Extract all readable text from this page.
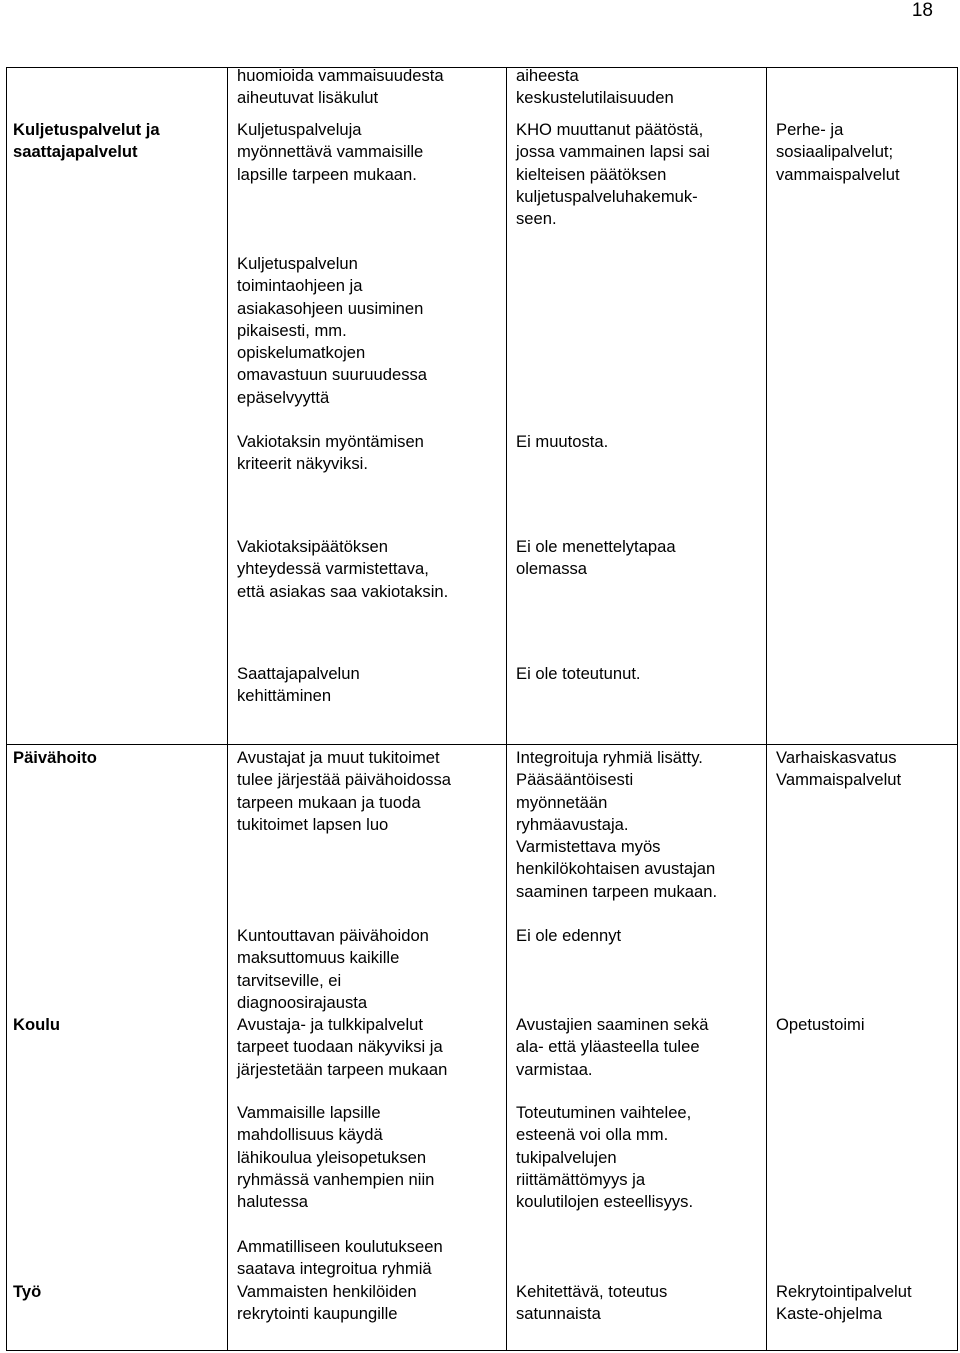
18
Kuljetuspalvelut ja
saattajapalvelut
huomioida vammaisuudesta
aiheutuvat lisäkulut
aiheesta
keskustelutilaisuuden
Kuljetuspalveluja
myönnettävä vammaisille
lapsille tarpeen mukaan.
KHO muuttanut päätöstä,
jossa vammainen lapsi sai
kielteisen päätöksen
kuljetuspalveluhakemuk-
seen.
Perhe- ja
sosiaalipalvelut;
vammaispalvelut
Kuljetuspalvelun
toimintaohjeen ja
asiakasohjeen uusiminen
pikaisesti, mm.
opiskelumatkojen
omavastuun suuruudessa
epäselvyyttä
Vakiotaksin myöntämisen
kriteerit näkyviksi.
Ei muutosta.
Vakiotaksipäätöksen
yhteydessä varmistettava,
että asiakas saa vakiotaksin.
Ei ole menettelytapaa
olemassa
Saattajapalvelun
kehittäminen
Ei ole toteutunut.
Päivähoito	Avustajat ja muut tukitoimet
tulee järjestää päivähoidossa
tarpeen mukaan ja tuoda
tukitoimet lapsen luo
Integroituja ryhmiä lisätty.
Pääsääntöisesti
myönnetään
ryhmäavustaja.
Varmistettava myös
henkilökohtaisen avustajan
saaminen tarpeen mukaan.
Varhaiskasvatus
Vammaispalvelut
Kuntouttavan päivähoidon
maksuttomuus kaikille
tarvitseville, ei
diagnoosirajausta
Ei ole edennyt
Koulu	Avustaja- ja tulkkipalvelut
tarpeet tuodaan näkyviksi ja
järjestetään tarpeen mukaan
Avustajien saaminen sekä
ala- että yläasteella tulee
varmistaa.
Opetustoimi
Vammaisille lapsille
mahdollisuus käydä
lähikoulua yleisopetuksen
ryhmässä vanhempien niin
halutessa
Toteutuminen vaihtelee,
esteenä voi olla mm.
tukipalvelujen
riittämättömyys ja
koulutilojen esteellisyys.
Työ
Ammatilliseen koulutukseen
saatava integroitua ryhmiä
Vammaisten henkilöiden
rekrytointi kaupungille
Kehitettävä, toteutus
satunnaista
Rekrytointipalvelut
Kaste-ohjelma
